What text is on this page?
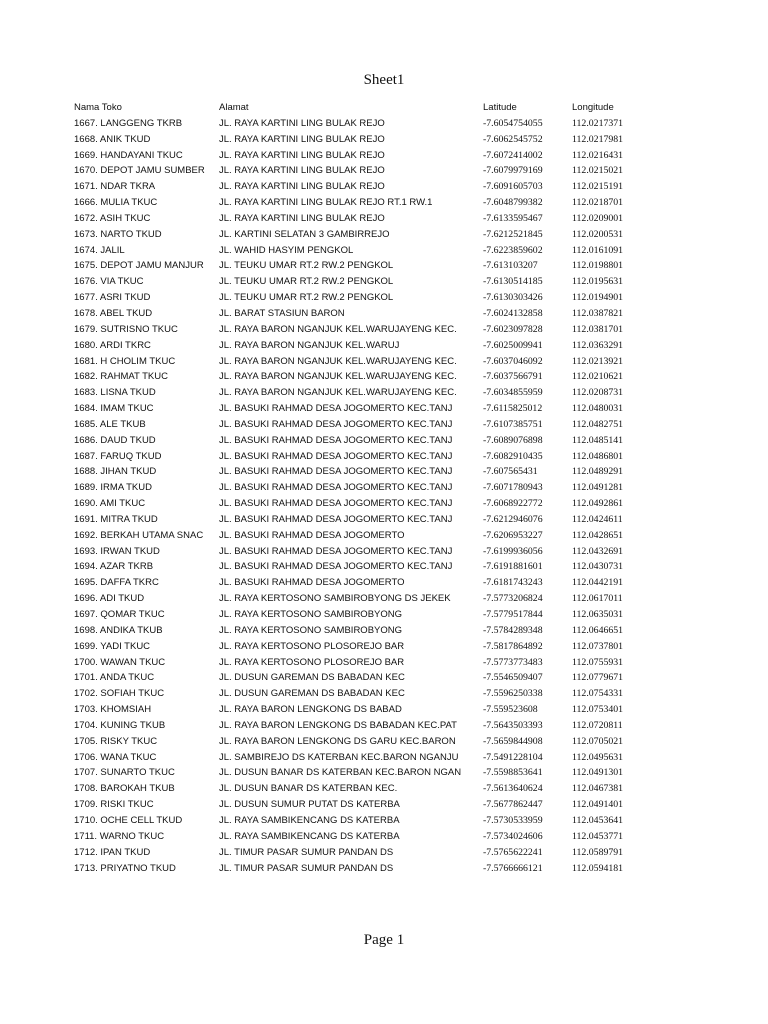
Sheet1
Nama Toko	Alamat	Latitude	Longitude
1667. LANGGENG TKRB	JL. RAYA KARTINI LING BULAK REJO	-7.6054754055	112.0217371
1668. ANIK TKUD	JL. RAYA KARTINI LING BULAK REJO	-7.6062545752	112.0217981
1669. HANDAYANI TKUC	JL. RAYA KARTINI LING BULAK REJO	-7.6072414002	112.0216431
1670. DEPOT JAMU SUMBER	JL. RAYA KARTINI LING BULAK REJO	-7.6079979169	112.0215021
1671. NDAR TKRA	JL. RAYA KARTINI LING BULAK REJO	-7.6091605703	112.0215191
1666. MULIA TKUC	JL. RAYA KARTINI LING BULAK REJO RT.1 RW.1	-7.6048799382	112.0218701
1672. ASIH TKUC	JL. RAYA KARTINI LING BULAK REJO	-7.6133595467	112.0209001
1673. NARTO TKUD	JL. KARTINI SELATAN 3 GAMBIRREJO	-7.6212521845	112.0200531
1674. JALIL	JL. WAHID HASYIM PENGKOL	-7.6223859602	112.0161091
1675. DEPOT JAMU MANJUR	JL. TEUKU UMAR RT.2 RW.2 PENGKOL	-7.613103207	112.0198801
1676. VIA TKUC	JL. TEUKU UMAR RT.2 RW.2 PENGKOL	-7.6130514185	112.0195631
1677. ASRI TKUD	JL. TEUKU UMAR RT.2 RW.2 PENGKOL	-7.6130303426	112.0194901
1678. ABEL TKUD	JL. BARAT STASIUN BARON	-7.6024132858	112.0387821
1679. SUTRISNO TKUC	JL. RAYA BARON NGANJUK KEL.WARUJAYENG KEC.	-7.6023097828	112.0381701
1680. ARDI TKRC	JL. RAYA BARON NGANJUK KEL.WARUJ	-7.6025009941	112.0363291
1681. H CHOLIM TKUC	JL. RAYA BARON NGANJUK KEL.WARUJAYENG KEC.	-7.6037046092	112.0213921
1682. RAHMAT TKUC	JL. RAYA BARON NGANJUK KEL.WARUJAYENG KEC.	-7.6037566791	112.0210621
1683. LISNA TKUD	JL. RAYA BARON NGANJUK KEL.WARUJAYENG KEC.	-7.6034855959	112.0208731
1684. IMAM TKUC	JL. BASUKI RAHMAD DESA JOGOMERTO KEC.TANJ	-7.6115825012	112.0480031
1685. ALE TKUB	JL. BASUKI RAHMAD DESA JOGOMERTO KEC.TANJ	-7.6107385751	112.0482751
1686. DAUD TKUD	JL. BASUKI RAHMAD DESA JOGOMERTO KEC.TANJ	-7.6089076898	112.0485141
1687. FARUQ TKUD	JL. BASUKI RAHMAD DESA JOGOMERTO KEC.TANJ	-7.6082910435	112.0486801
1688. JIHAN TKUD	JL. BASUKI RAHMAD DESA JOGOMERTO KEC.TANJ	-7.607565431	112.0489291
1689. IRMA TKUD	JL. BASUKI RAHMAD DESA JOGOMERTO KEC.TANJ	-7.6071780943	112.0491281
1690. AMI TKUC	JL. BASUKI RAHMAD DESA JOGOMERTO KEC.TANJ	-7.6068922772	112.0492861
1691. MITRA TKUD	JL. BASUKI RAHMAD DESA JOGOMERTO KEC.TANJ	-7.6212946076	112.0424611
1692. BERKAH UTAMA SNAC	JL. BASUKI RAHMAD DESA JOGOMERTO	-7.6206953227	112.0428651
1693. IRWAN TKUD	JL. BASUKI RAHMAD DESA JOGOMERTO KEC.TANJ	-7.6199936056	112.0432691
1694. AZAR TKRB	JL. BASUKI RAHMAD DESA JOGOMERTO KEC.TANJ	-7.6191881601	112.0430731
1695. DAFFA TKRC	JL. BASUKI RAHMAD DESA JOGOMERTO	-7.6181743243	112.0442191
1696. ADI TKUD	JL. RAYA KERTOSONO SAMBIROBYONG DS JEKEK	-7.5773206824	112.0617011
1697. QOMAR TKUC	JL. RAYA KERTOSONO SAMBIROBYONG	-7.5779517844	112.0635031
1698. ANDIKA TKUB	JL. RAYA KERTOSONO SAMBIROBYONG	-7.5784289348	112.0646651
1699. YADI TKUC	JL. RAYA KERTOSONO PLOSOREJO BAR	-7.5817864892	112.0737801
1700. WAWAN TKUC	JL. RAYA KERTOSONO PLOSOREJO BAR	-7.5773773483	112.0755931
1701. ANDA TKUC	JL. DUSUN GAREMAN DS BABADAN KEC	-7.5546509407	112.0779671
1702. SOFIAH TKUC	JL. DUSUN GAREMAN DS BABADAN KEC	-7.5596250338	112.0754331
1703. KHOMSIAH	JL. RAYA BARON LENGKONG DS BABAD	-7.559523608	112.0753401
1704. KUNING TKUB	JL. RAYA BARON LENGKONG DS BABADAN KEC.PAT	-7.5643503393	112.0720811
1705. RISKY TKUC	JL. RAYA BARON LENGKONG DS GARU KEC.BARON	-7.5659844908	112.0705021
1706. WANA TKUC	JL. SAMBIREJO DS KATERBAN KEC.BARON NGANJU	-7.5491228104	112.0495631
1707. SUNARTO TKUC	JL. DUSUN BANAR DS KATERBAN KEC.BARON NGAN	-7.5598853641	112.0491301
1708. BAROKAH TKUB	JL. DUSUN BANAR DS KATERBAN KEC.	-7.5613640624	112.0467381
1709. RISKI TKUC	JL. DUSUN SUMUR PUTAT DS KATERBA	-7.5677862447	112.0491401
1710. OCHE CELL TKUD	JL. RAYA SAMBIKENCANG DS KATERBA	-7.5730533959	112.0453641
1711. WARNO TKUC	JL. RAYA SAMBIKENCANG DS KATERBA	-7.5734024606	112.0453771
1712. IPAN TKUD	JL. TIMUR PASAR SUMUR PANDAN DS	-7.5765622241	112.0589791
1713. PRIYATNO TKUD	JL. TIMUR PASAR SUMUR PANDAN DS	-7.5766666121	112.0594181
Page 1
